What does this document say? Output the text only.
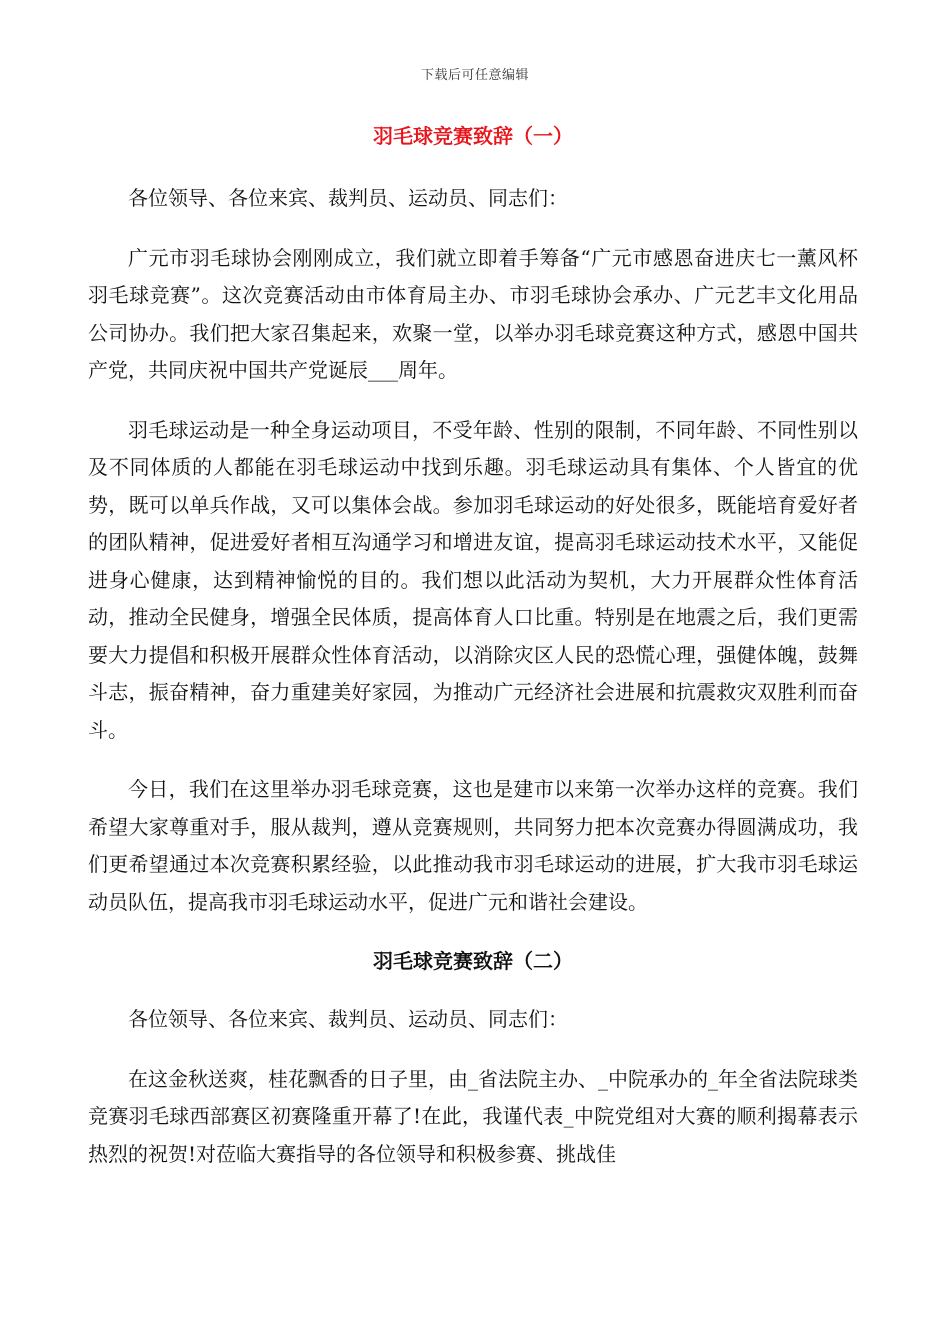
下载后可任意编辑
羽毛球竞赛致辞（一）

各位领导、各位来宾、裁判员、运动员、同志们：

广元市羽毛球协会刚刚成立，我们就立即着手筹备“广元市感恩奋进庆七一薰风杯羽毛球竞赛”。这次竞赛活动由市体育局主办、市羽毛球协会承办、广元艺丰文化用品公司协办。我们把大家召集起来，欢聚一堂，以举办羽毛球竞赛这种方式，感恩中国共产党，共同庆祝中国共产党诞辰___周年。

羽毛球运动是一种全身运动项目，不受年龄、性别的限制，不同年龄、不同性别以及不同体质的人都能在羽毛球运动中找到乐趣。羽毛球运动具有集体、个人皆宜的优势，既可以单兵作战，又可以集体会战。参加羽毛球运动的好处很多，既能培育爱好者的团队精神，促进爱好者相互沟通学习和增进友谊，提高羽毛球运动技术水平，又能促进身心健康，达到精神愉悦的目的。我们想以此活动为契机，大力开展群众性体育活动，推动全民健身，增强全民体质，提高体育人口比重。特别是在地震之后，我们更需要大力提倡和积极开展群众性体育活动，以消除灾区人民的恐慌心理，强健体魄，鼓舞斗志，振奋精神，奋力重建美好家园，为推动广元经济社会进展和抗震救灾双胜利而奋斗。

今日，我们在这里举办羽毛球竞赛，这也是建市以来第一次举办这样的竞赛。我们希望大家尊重对手，服从裁判，遵从竞赛规则，共同努力把本次竞赛办得圆满成功，我们更希望通过本次竞赛积累经验，以此推动我市羽毛球运动的进展，扩大我市羽毛球运动员队伍，提高我市羽毛球运动水平，促进广元和谐社会建设。

羽毛球竞赛致辞（二）

各位领导、各位来宾、裁判员、运动员、同志们：

在这金秋送爽，桂花飘香的日子里，由_省法院主办、_中院承办的_年全省法院球类竞赛羽毛球西部赛区初赛隆重开幕了!在此，我谨代表_中院党组对大赛的顺利揭幕表示热烈的祝贺!对莅临大赛指导的各位领导和积极参赛、挑战佳
